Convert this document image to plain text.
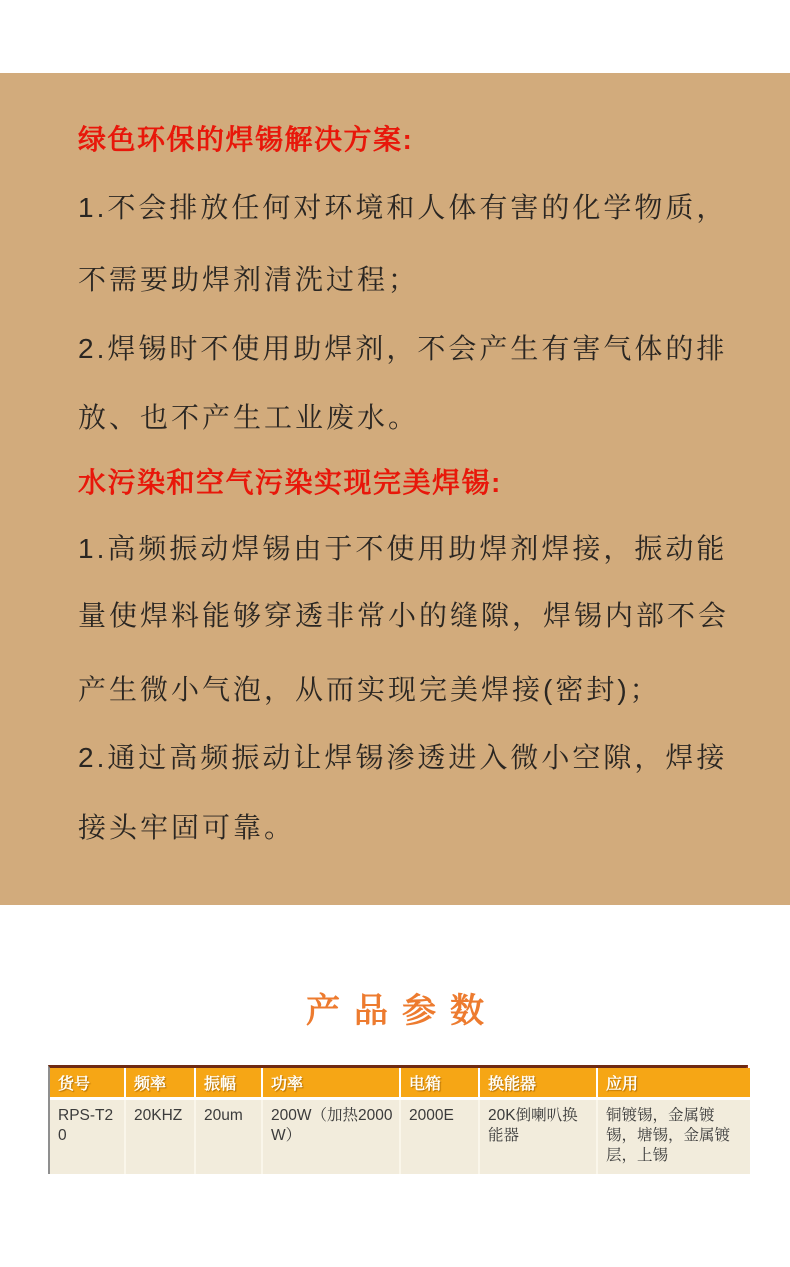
绿色环保的焊锡解决方案:
1.不会排放任何对环境和人体有害的化学物质，
不需要助焊剂清洗过程；
2.焊锡时不使用助焊剂，不会产生有害气体的排
放、也不产生工业废水。
水污染和空气污染实现完美焊锡:
1.高频振动焊锡由于不使用助焊剂焊接，振动能
量使焊料能够穿透非常小的缝隙，焊锡内部不会
产生微小气泡，从而实现完美焊接(密封)；
2.通过高频振动让焊锡渗透进入微小空隙，焊接
接头牢固可靠。
产品参数
货号	频率	振幅	功率	电箱	换能器	应用
RPS-T20	20KHZ	20um	200W（加热2000W）	2000E	20K倒喇叭换能器	铜镀锡，金属镀锡，塘锡，金属镀层，上锡
